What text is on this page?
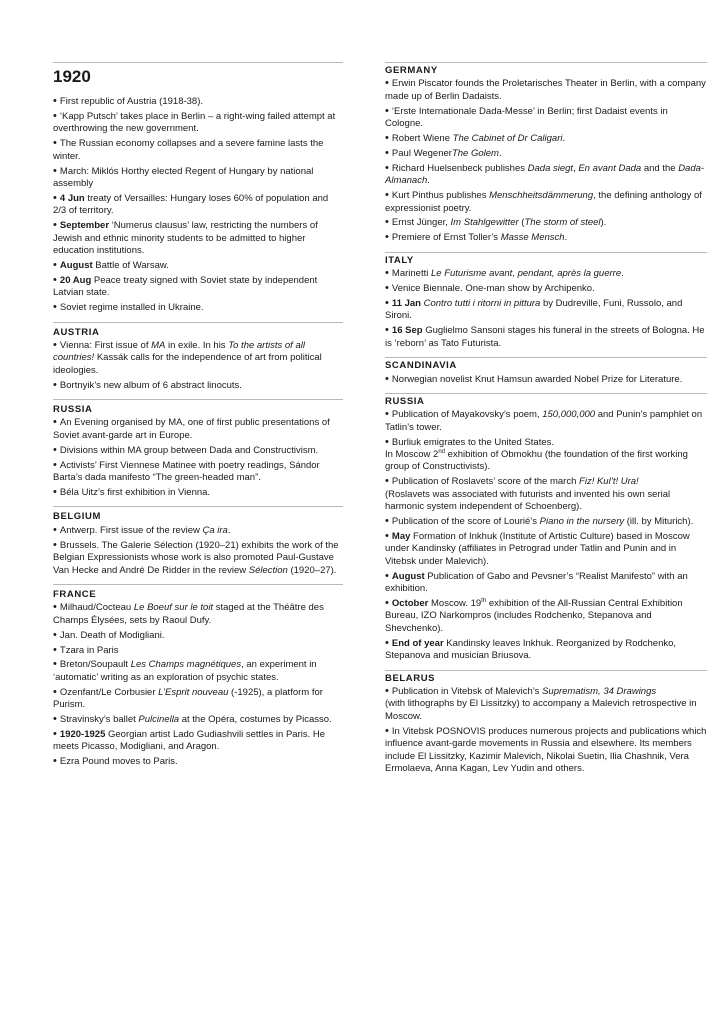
1920
• First republic of Austria (1918-38).
• ‘Kapp Putsch’ takes place in Berlin – a right-wing failed attempt at overthrowing the new government.
• The Russian economy collapses and a severe famine lasts the winter.
• March: Miklós Horthy elected Regent of Hungary by national assembly
• 4 Jun treaty of Versailles: Hungary loses 60% of population and 2/3 of territory.
• September ‘Numerus clausus’ law, restricting the numbers of Jewish and ethnic minority students to be admitted to higher education institutions.
• August Battle of Warsaw.
• 20 Aug Peace treaty signed with Soviet state by independent Latvian state.
• Soviet regime installed in Ukraine.
AUSTRIA
• Vienna: First issue of MA in exile. In his To the artists of all countries! Kassák calls for the independence of art from political ideologies.
• Bortnyik’s new album of 6 abstract linocuts.
RUSSIA
• An Evening organised by MA, one of first public presentations of Soviet avant-garde art in Europe.
• Divisions within MA group between Dada and Constructivism.
• Activists’ First Viennese Matinee with poetry readings, Sándor Barta’s dada manifesto “The green-headed man”.
• Béla Uitz’s first exhibition in Vienna.
BELGIUM
• Antwerp. First issue of the review Ça ira.
• Brussels. The Galerie Sélection (1920–21) exhibits the work of the Belgian Expressionists whose work is also promoted Paul-Gustave Van Hecke and André De Ridder in the review Sélection (1920–27).
FRANCE
• Milhaud/Cocteau Le Boeuf sur le toit staged at the Théâtre des Champs Élysées, sets by Raoul Dufy.
• Jan. Death of Modigliani.
• Tzara in Paris
• Breton/Soupault Les Champs magnétiques, an experiment in ‘automatic’ writing as an exploration of psychic states.
• Ozenfant/Le Corbusier L’Esprit nouveau (-1925), a platform for Purism.
• Stravinsky’s ballet Pulcinella at the Opéra, costumes by Picasso.
• 1920-1925 Georgian artist Lado Gudiashvili settles in Paris. He meets Picasso, Modigliani, and Aragon.
• Ezra Pound moves to Paris.
GERMANY
• Erwin Piscator founds the Proletarisches Theater in Berlin, with a company made up of Berlin Dadaists.
• ‘Erste Internationale Dada-Messe’ in Berlin; first Dadaist events in Cologne.
• Robert Wiene The Cabinet of Dr Caligari.
• Paul WegenerThe Golem.
• Richard Huelsenbeck publishes Dada siegt, En avant Dada and the Dada-Almanach.
• Kurt Pinthus publishes Menschheitsdämmerung, the defining anthology of expressionist poetry.
• Ernst Jünger, Im Stahlgewitter (The storm of steel).
• Premiere of Ernst Toller’s Masse Mensch.
ITALY
• Marinetti Le Futurisme avant, pendant, après la guerre.
• Venice Biennale. One-man show by Archipenko.
• 11 Jan Contro tutti i ritorni in pittura by Dudreville, Funi, Russolo, and Sironi.
• 16 Sep Guglielmo Sansoni stages his funeral in the streets of Bologna. He is ‘reborn’ as Tato Futurista.
SCANDINAVIA
• Norwegian novelist Knut Hamsun awarded Nobel Prize for Literature.
RUSSIA
• Publication of Mayakovsky’s poem, 150,000,000 and Punin’s pamphlet on Tatlin’s tower.
• Burliuk emigrates to the United States.
In Moscow 2nd exhibition of Obmokhu (the foundation of the first working group of Constructivists).
• Publication of Roslavets’ score of the march Fiz! Kul’t! Ura!
(Roslavets was associated with futurists and invented his own serial harmonic system independent of Schoenberg).
• Publication of the score of Lourié’s Piano in the nursery (ill. by Miturich).
• May Formation of Inkhuk (Institute of Artistic Culture) based in Moscow under Kandinsky (affiliates in Petrograd under Tatlin and Punin and in Vitebsk under Malevich).
• August Publication of Gabo and Pevsner’s “Realist Manifesto” with an exhibition.
• October Moscow. 19th exhibition of the All-Russian Central Exhibition Bureau, IZO Narkompros (includes Rodchenko, Stepanova and Shevchenko).
• End of year Kandinsky leaves Inkhuk. Reorganized by Rodchenko, Stepanova and musician Briusova.
BELARUS
• Publication in Vitebsk of Malevich’s Suprematism, 34 Drawings
(with lithographs by El Lissitzky) to accompany a Malevich retrospective in Moscow.
• In Vitebsk POSNOVIS produces numerous projects and publications which influence avant-garde movements in Russia and elsewhere. Its members include El Lissitzky, Kazimir Malevich, Nikolai Suetin, Ilia Chashnik, Vera Ermolaeva, Anna Kagan, Lev Yudin and others.
